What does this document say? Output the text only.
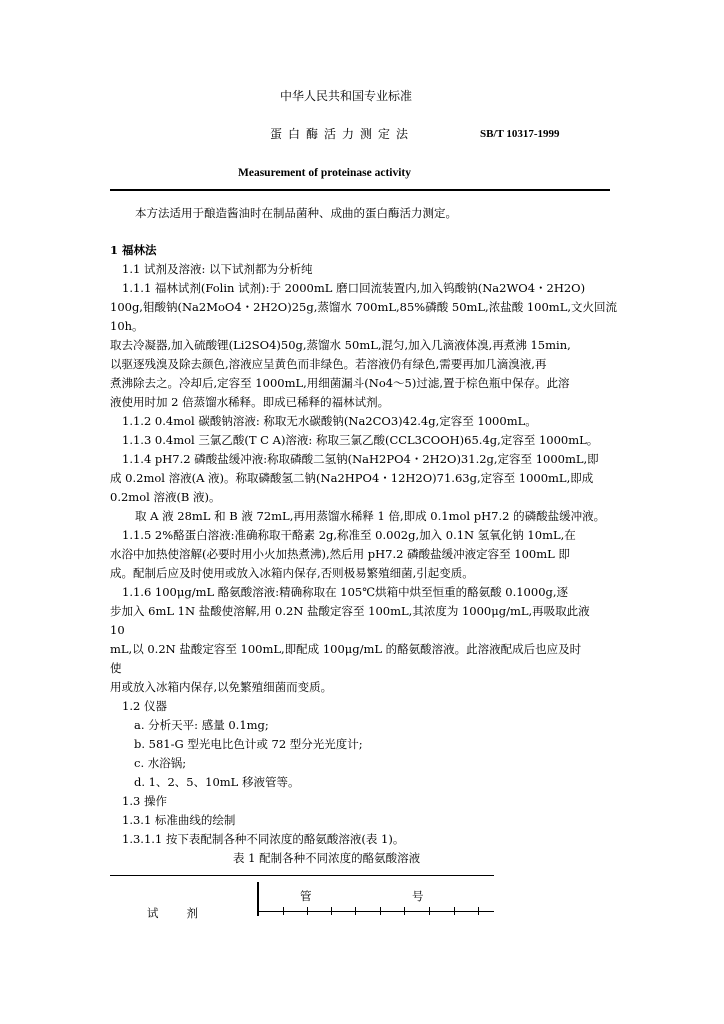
中华人民共和国专业标准
蛋白酶活力测定法	SB/T 10317-1999
Measurement of proteinase activity
本方法适用于酿造酱油时在制品菌种、成曲的蛋白酶活力测定。
1 福林法
1.1 试剂及溶液: 以下试剂都为分析纯
1.1.1 福林试剂(Folin 试剂):于 2000mL 磨口回流装置内,加入钨酸钠(Na2WO4・2H2O)
100g,钼酸钠(Na2MoO4・2H2O)25g,蒸馏水 700mL,85%磷酸 50mL,浓盐酸 100mL,文火回流
10h。
取去冷凝器,加入硫酸锂(Li2SO4)50g,蒸馏水 50mL,混匀,加入几滴液体溴,再煮沸 15min,
以驱逐残溴及除去颜色,溶液应呈黄色而非绿色。若溶液仍有绿色,需要再加几滴溴液,再
煮沸除去之。冷却后,定容至 1000mL,用细菌漏斗(No4～5)过滤,置于棕色瓶中保存。此溶
液使用时加 2 倍蒸馏水稀释。即成已稀释的福林试剂。
1.1.2 0.4mol 碳酸钠溶液: 称取无水碳酸钠(Na2CO3)42.4g,定容至 1000mL。
1.1.3 0.4mol 三氯乙酸(T C A)溶液: 称取三氯乙酸(CCL3COOH)65.4g,定容至 1000mL。
1.1.4 pH7.2 磷酸盐缓冲液:称取磷酸二氢钠(NaH2PO4・2H2O)31.2g,定容至 1000mL,即
成 0.2mol 溶液(A 液)。称取磷酸氢二钠(Na2HPO4・12H2O)71.63g,定容至 1000mL,即成
0.2mol 溶液(B 液)。
取 A 液 28mL 和 B 液 72mL,再用蒸馏水稀释 1 倍,即成 0.1mol pH7.2 的磷酸盐缓冲液。
1.1.5 2%酪蛋白溶液:准确称取干酪素 2g,称准至 0.002g,加入 0.1N 氢氧化钠 10mL,在
水浴中加热使溶解(必要时用小火加热煮沸),然后用 pH7.2 磷酸盐缓冲液定容至 100mL 即
成。配制后应及时使用或放入冰箱内保存,否则极易繁殖细菌,引起变质。
1.1.6 100μg/mL 酪氨酸溶液:精确称取在 105℃烘箱中烘至恒重的酪氨酸 0.1000g,逐
步加入 6mL 1N 盐酸使溶解,用 0.2N 盐酸定容至 100mL,其浓度为 1000μg/mL,再吸取此液
10
mL,以 0.2N 盐酸定容至 100mL,即配成 100μg/mL 的酪氨酸溶液。此溶液配成后也应及时
使
用或放入冰箱内保存,以免繁殖细菌而变质。
1.2 仪器
a. 分析天平: 感量 0.1mg;
b. 581-G 型光电比色计或 72 型分光光度计;
c. 水浴锅;
d. 1、2、5、10mL 移液管等。
1.3 操作
1.3.1 标准曲线的绘制
1.3.1.1 按下表配制各种不同浓度的酪氨酸溶液(表 1)。
表 1 配制各种不同浓度的酪氨酸溶液
管	号
试剂
